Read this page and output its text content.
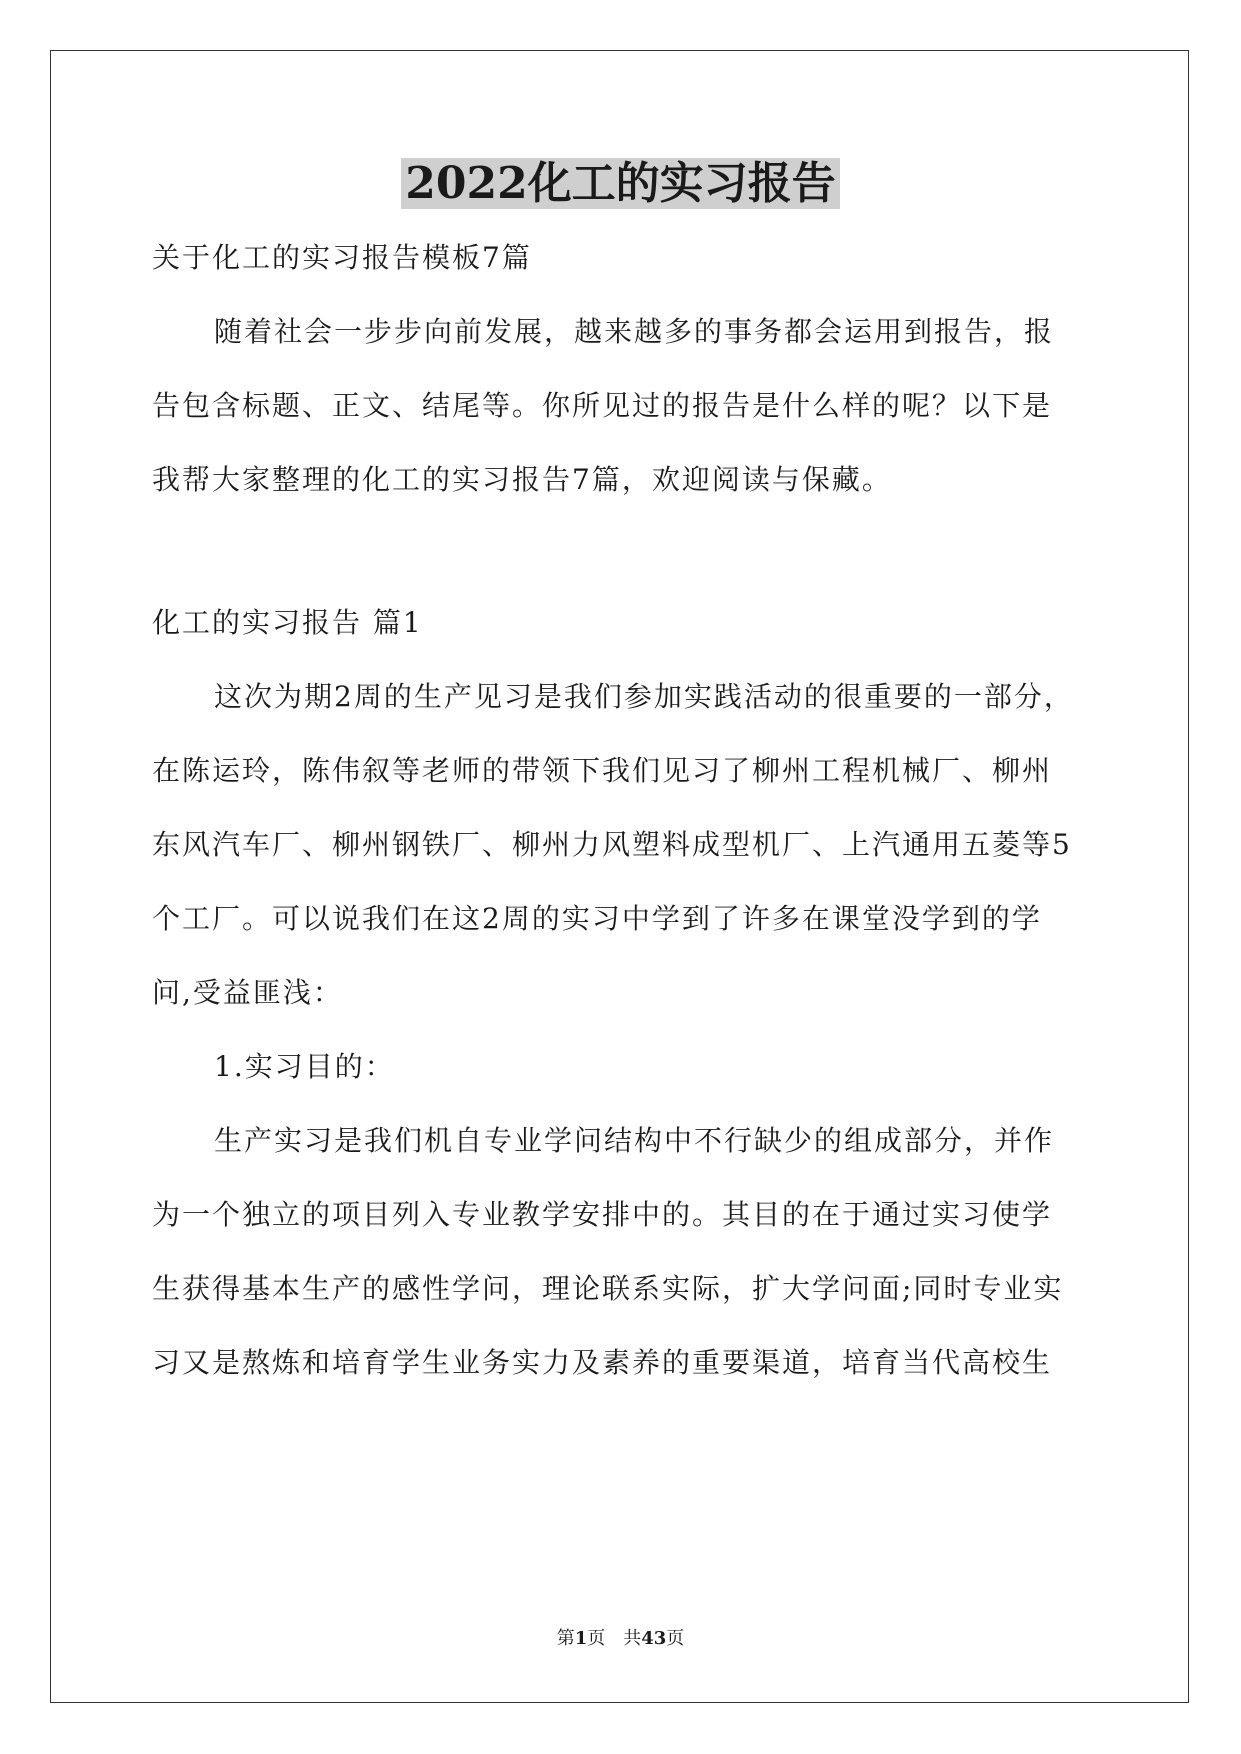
2022化工的实习报告
关于化工的实习报告模板7篇
随着社会一步步向前发展，越来越多的事务都会运用到报告，报
告包含标题、正文、结尾等。你所见过的报告是什么样的呢？以下是
我帮大家整理的化工的实习报告7篇，欢迎阅读与保藏。
化工的实习报告 篇1
这次为期2周的生产见习是我们参加实践活动的很重要的一部分，
在陈运玲，陈伟叙等老师的带领下我们见习了柳州工程机械厂、柳州
东风汽车厂、柳州钢铁厂、柳州力风塑料成型机厂、上汽通用五菱等5
个工厂。可以说我们在这2周的实习中学到了许多在课堂没学到的学
问,受益匪浅：
1.实习目的：
生产实习是我们机自专业学问结构中不行缺少的组成部分，并作
为一个独立的项目列入专业教学安排中的。其目的在于通过实习使学
生获得基本生产的感性学问，理论联系实际，扩大学问面;同时专业实
习又是熬炼和培育学生业务实力及素养的重要渠道，培育当代高校生
第1页　共43页
